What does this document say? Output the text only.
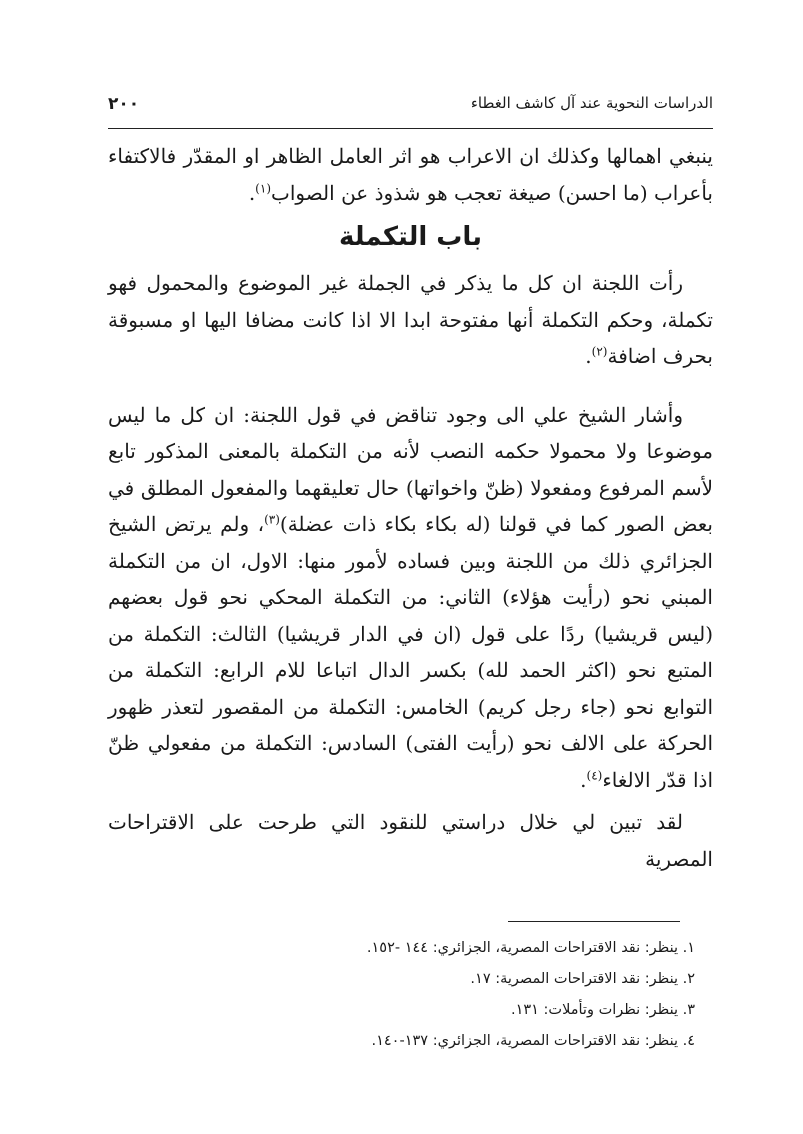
الدراسات النحوية عند آل كاشف الغطاء
٢٠٠

ينبغي اهمالها وكذلك ان الاعراب هو اثر العامل الظاهر او المقدّر فالاكتفاء بأعراب (ما احسن) صيغة تعجب هو شذوذ عن الصواب$^{(١)}$.

باب التكملة

رأت اللجنة ان كل ما يذكر في الجملة غير الموضوع والمحمول فهو تكملة، وحكم التكملة أنها مفتوحة ابدا الا اذا كانت مضافا اليها او مسبوقة بحرف اضافة$^{(٢)}$.

وأشار الشيخ علي الى وجود تناقض في قول اللجنة: ان كل ما ليس موضوعا ولا محمولا حكمه النصب لأنه من التكملة بالمعنى المذكور تابع لأسم المرفوع ومفعولا (ظنّ واخواتها) حال تعليقهما والمفعول المطلق في بعض الصور كما في قولنا (له بكاء بكاء ذات عضلة)$^{(٣)}$، ولم يرتض الشيخ الجزائري ذلك من اللجنة وبين فساده لأمور منها: الاول، ان من التكملة المبني نحو (رأيت هؤلاء) الثاني: من التكملة المحكي نحو قول بعضهم (ليس قريشيا) ردًا على قول (ان في الدار قريشيا) الثالث: التكملة من المتبع نحو (اكثر الحمد لله) بكسر الدال اتباعا للام الرابع: التكملة من التوابع نحو (جاء رجل كريم) الخامس: التكملة من المقصور لتعذر ظهور الحركة على الالف نحو (رأيت الفتى) السادس: التكملة من مفعولي ظنّ اذا قدّر الالغاء$^{(٤)}$.

لقد تبين لي خلال دراستي للنقود التي طرحت على الاقتراحات المصرية

١. ينظر: نقد الاقتراحات المصرية، الجزائري: ١٤٤ -١٥٢.

٢. ينظر: نقد الاقتراحات المصرية: ١٧.

٣. ينظر: نظرات وتأملات: ١٣١.

٤. ينظر: نقد الاقتراحات المصرية، الجزائري: ١٣٧-١٤٠.
